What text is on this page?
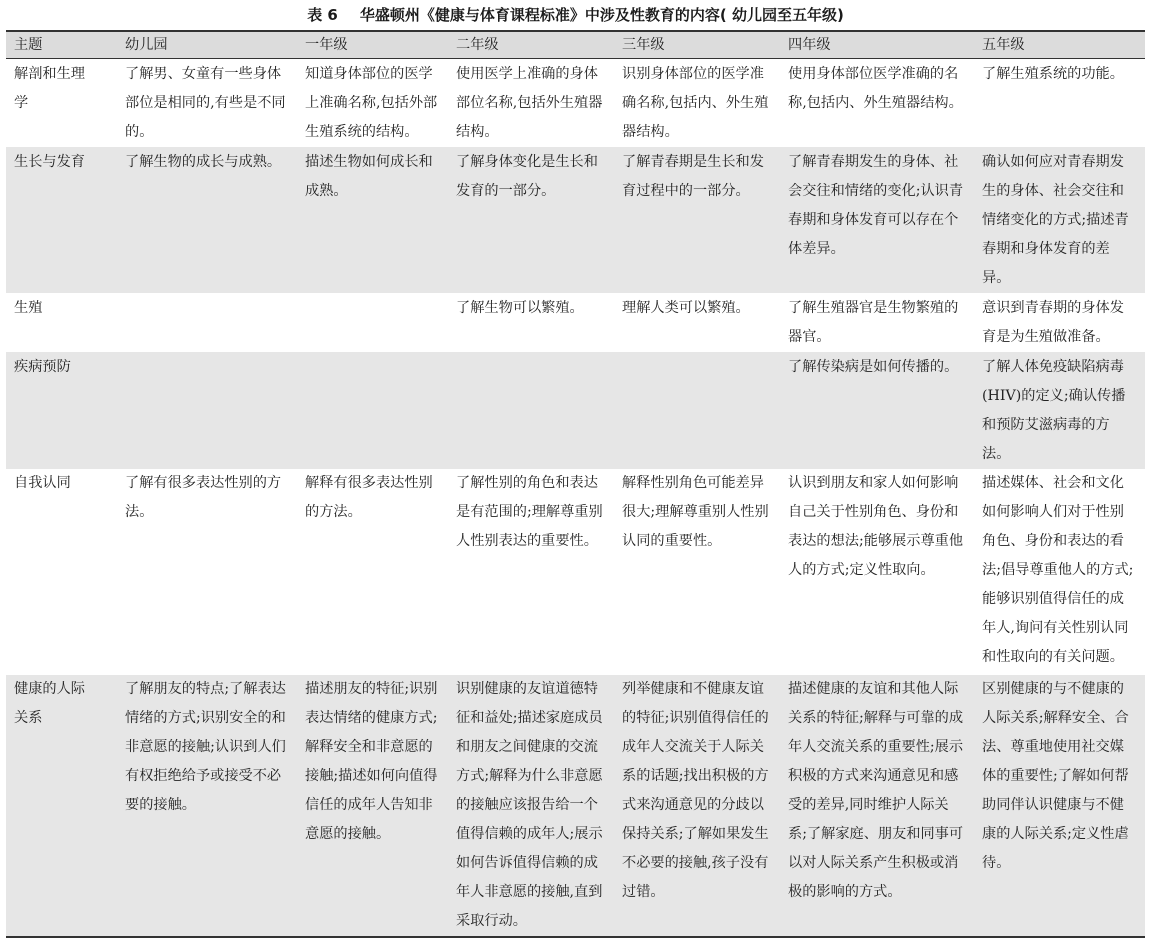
表 6 华盛顿州《健康与体育课程标准》中涉及性教育的内容( 幼儿园至五年级)
主题	幼儿园	一年级	二年级	三年级	四年级	五年级
解剖和生理学	了解男、女童有一些身体部位是相同的,有些是不同的。	知道身体部位的医学上准确名称,包括外部生殖系统的结构。	使用医学上准确的身体部位名称,包括外生殖器结构。	识别身体部位的医学准确名称,包括内、外生殖器结构。	使用身体部位医学准确的名称,包括内、外生殖器结构。	了解生殖系统的功能。
生长与发育	了解生物的成长与成熟。	描述生物如何成长和成熟。	了解身体变化是生长和发育的一部分。	了解青春期是生长和发育过程中的一部分。	了解青春期发生的身体、社会交往和情绪的变化;认识青春期和身体发育可以存在个体差异。	确认如何应对青春期发生的身体、社会交往和情绪变化的方式;描述青春期和身体发育的差异。
生殖			了解生物可以繁殖。	理解人类可以繁殖。	了解生殖器官是生物繁殖的器官。	意识到青春期的身体发育是为生殖做准备。
疾病预防					了解传染病是如何传播的。	了解人体免疫缺陷病毒(HIV)的定义;确认传播和预防艾滋病毒的方法。
自我认同	了解有很多表达性别的方法。	解释有很多表达性别的方法。	了解性别的角色和表达是有范围的;理解尊重别人性别表达的重要性。	解释性别角色可能差异很大;理解尊重别人性别认同的重要性。	认识到朋友和家人如何影响自己关于性别角色、身份和表达的想法;能够展示尊重他人的方式;定义性取向。	描述媒体、社会和文化如何影响人们对于性别角色、身份和表达的看法;倡导尊重他人的方式;能够识别值得信任的成年人,询问有关性别认同和性取向的有关问题。
健康的人际关系	了解朋友的特点;了解表达情绪的方式;识别安全的和非意愿的接触;认识到人们有权拒绝给予或接受不必要的接触。	描述朋友的特征;识别表达情绪的健康方式;解释安全和非意愿的接触;描述如何向值得信任的成年人告知非意愿的接触。	识别健康的友谊道德特征和益处;描述家庭成员和朋友之间健康的交流方式;解释为什么非意愿的接触应该报告给一个值得信赖的成年人;展示如何告诉值得信赖的成年人非意愿的接触,直到采取行动。	列举健康和不健康友谊的特征;识别值得信任的成年人交流关于人际关系的话题;找出积极的方式来沟通意见的分歧以保持关系;了解如果发生不必要的接触,孩子没有过错。	描述健康的友谊和其他人际关系的特征;解释与可靠的成年人交流关系的重要性;展示积极的方式来沟通意见和感受的差异,同时维护人际关系;了解家庭、朋友和同事可以对人际关系产生积极或消极的影响的方式。	区别健康的与不健康的人际关系;解释安全、合法、尊重地使用社交媒体的重要性;了解如何帮助同伴认识健康与不健康的人际关系;定义性虐待。
